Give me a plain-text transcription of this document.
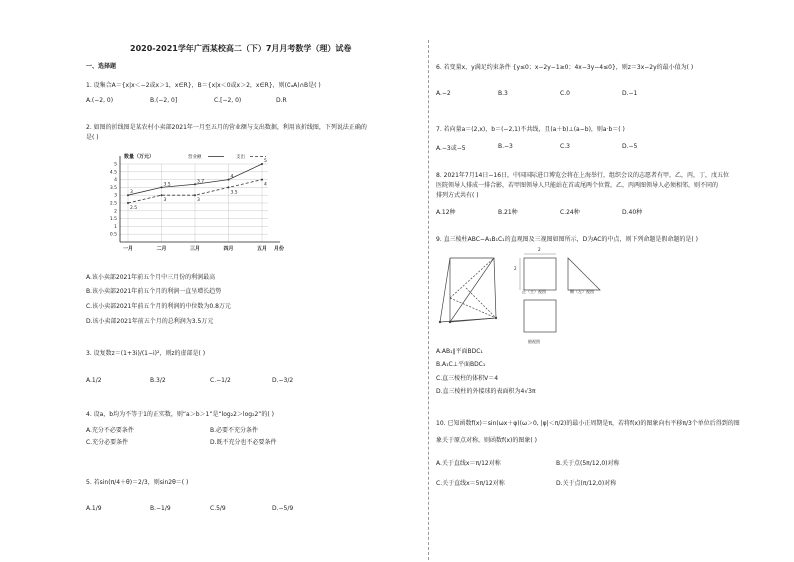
2020-2021学年广西某校高二（下）7月月考数学（理）试卷
一、选择题
1. 设集合A＝{x|x＜−2或x＞1，x∈R}，B＝{x|x＜0或x＞2，x∈R}，则(∁ₐA)∩B是( )
A.(−2, 0)	B.(−2, 0]	C.[−2, 0)	D.R
2. 如图的折线图是某农村小卖部2021年一月至五月的营业额与支出数据，利用该折线图，下列说法正确的
是( )
0.5
1
1.5
2
2.5
3
3.5
4
4.5
5
一月	二月	三月	四月	五月
数量（万元）
月份
3
3.5
3.7
4
5
2.5
3	3
3.5
4
营业额	支出
A.该小卖部2021年前五个月中三月份的利润最高
B.该小卖部2021年前五个月的利润一直呈增长趋势
C.该小卖部2021年前五个月的利润的中位数为0.8万元
D.该小卖部2021年前五个月的总利润为3.5万元
3. 设复数z＝(1+3i)/(1−i)²，则z的虚部是( )
A.1/2	B.3/2	C.−1/2	D.−3/2
4. 设a，b均为不等于1的正实数，则“a＞b＞1”是“log₂2＞log₂2”的( )
A.充分不必要条件	B.必要不充分条件
C.充分必要条件	D.既不充分也不必要条件
5. 若sin(π/4＋θ)＝2/3，则sin2θ＝( )
A.1/9	B.−1/9	C.5/9	D.−5/9
6. 若变量x，y满足约束条件 {y≤0；x−2y−1≥0；4x−3y−4≤0}，则z＝3x−2y的最小值为( )
A.−2	B.3	C.0	D.−1
7. 若向量a＝(2,x)，b＝(−2,1)不共线，且(a＋b)⊥(a−b)，则a·b＝( )
A.−3或−5	B.−3	C.3	D.−5
8. 2021年7月14日−16日，中国国际进口博览会将在上海举行，组织会议的志愿者有甲，乙，丙，丁，戊五位
医院领导人排成一排合影，若甲图领导人只能站在首或尾两个位置，乙，丙两图领导人必须相邻，则不同的
排列方式共有( )
A.12种	B.21种	C.24种	D.40种
9. 直三棱柱ABC−A₁B₁C₁的直观图及三视图如图所示，D为AC的中点，则下列命题是假命题的是( )
2
2
正（主）视图	侧（左）视图
俯视图
A.AB₁∥平面BDC₁
B.A₁C⊥平面BDC₁
C.直三棱柱的体积V＝4
D.直三棱柱的外接球的表面积为4√3π
10. 已知函数f(x)＝sin(ωx＋φ)(ω＞0, |φ|＜π/2)的最小正周期是π，若将f(x)的图象向右平移π/3个单位后得到的图
象关于原点对称，则函数f(x)的图象( )
A.关于直线x＝π/12对称	B.关于点(5π/12,0)对称
C.关于直线x＝5π/12对称	D.关于点(π/12,0)对称
